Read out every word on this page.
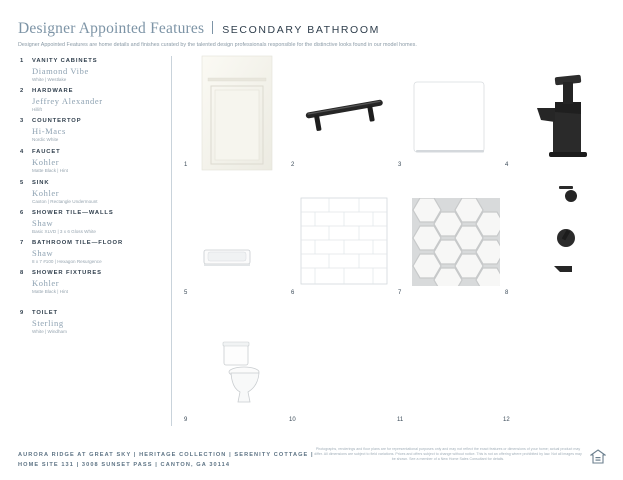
Designer Appointed Features SECONDARY BATHROOM
Designer Appointed Features are home details and finishes curated by the talented design professionals responsible for the distinctive looks found in our model homes.
1 VANITY CABINETS
Diamond Vibe
White | Westlake
2 HARDWARE
Jeffrey Alexander
Hillift
3 COUNTERTOP
Hi-Macs
Nordic White
4 FAUCET
Kohler
Matte Black | Hint
5 SINK
Kohler
Caxton | Rectangle Undermount
6 SHOWER TILE—WALLS
Shaw
Basic XLVD | 3 x 6 Gloss White
7 BATHROOM TILE—FLOOR
Shaw
8 x 7 #100 | Hexagon Resurgence
8 SHOWER FIXTURES
Kohler
Matte Black | Hint
9 TOILET
Sterling
White | Windham
1	2	3	4
5	6	7	8
9	10	11	12
AURORA RIDGE AT GREAT SKY | HERITAGE COLLECTION | SERENITY COTTAGE |
HOME SITE 131 | 3008 SUNSET PASS | CANTON, GA 30114
Photographs, renderings and floor plans are for representational purposes only and may not reflect the exact features or dimensions of your home; actual product may differ. All dimensions are subject to field variations. Prices and offers subject to change without notice. This is not an offering where prohibited by law. Not all images may be shown. See a member of a New Home Sales Consultant for details.
